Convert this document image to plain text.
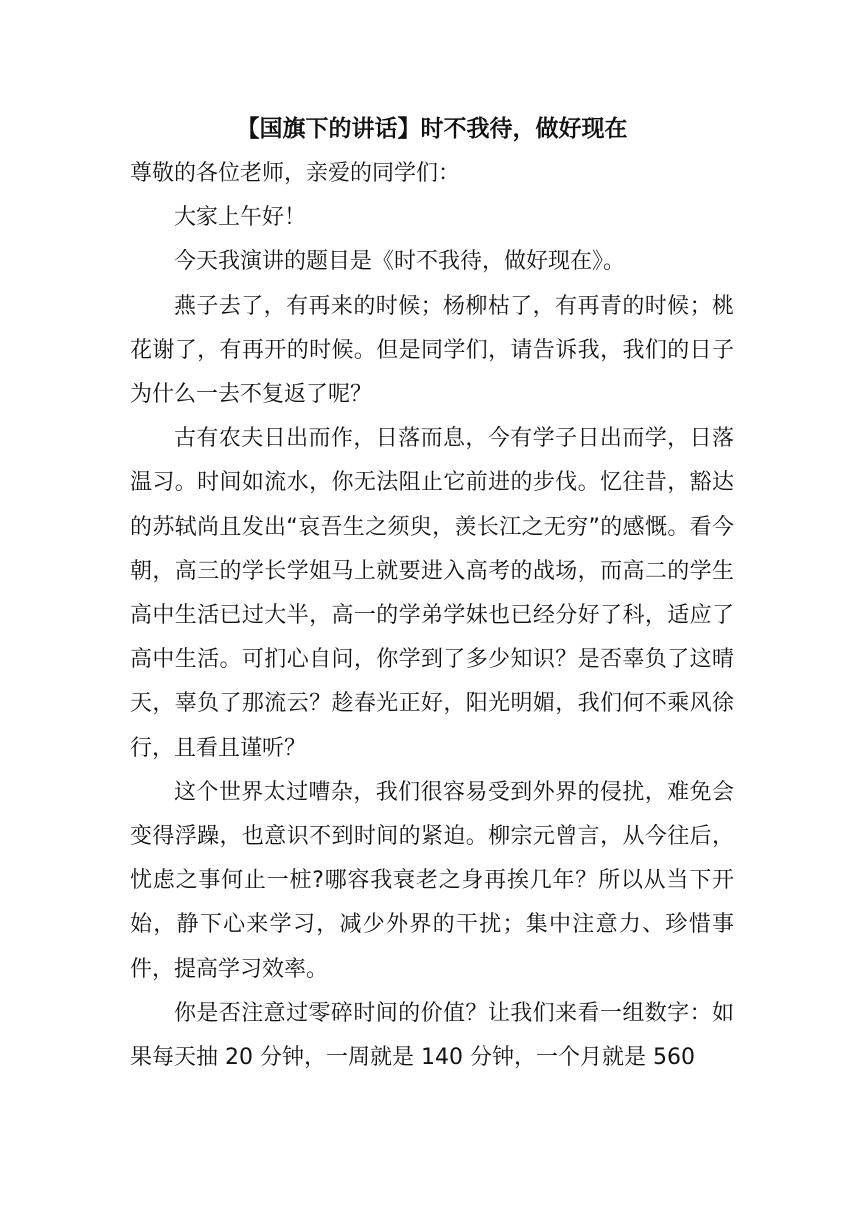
【国旗下的讲话】时不我待，做好现在

尊敬的各位老师，亲爱的同学们：

大家上午好！

今天我演讲的题目是《时不我待，做好现在》。

燕子去了，有再来的时候；杨柳枯了，有再青的时候；桃花谢了，有再开的时候。但是同学们，请告诉我，我们的日子为什么一去不复返了呢？

古有农夫日出而作，日落而息，今有学子日出而学，日落温习。时间如流水，你无法阻止它前进的步伐。忆往昔，豁达的苏轼尚且发出“哀吾生之须臾，羡长江之无穷”的感慨。看今朝，高三的学长学姐马上就要进入高考的战场，而高二的学生高中生活已过大半，高一的学弟学妹也已经分好了科，适应了高中生活。可扪心自问，你学到了多少知识？是否辜负了这晴天，辜负了那流云？趁春光正好，阳光明媚，我们何不乘风徐行，且看且谨听？

这个世界太过嘈杂，我们很容易受到外界的侵扰，难免会变得浮躁，也意识不到时间的紧迫。柳宗元曾言，从今往后，忧虑之事何止一桩?哪容我衰老之身再挨几年？所以从当下开始，静下心来学习，减少外界的干扰；集中注意力、珍惜事件，提高学习效率。

你是否注意过零碎时间的价值？让我们来看一组数字：如果每天抽 20 分钟，一周就是 140 分钟，一个月就是 560
